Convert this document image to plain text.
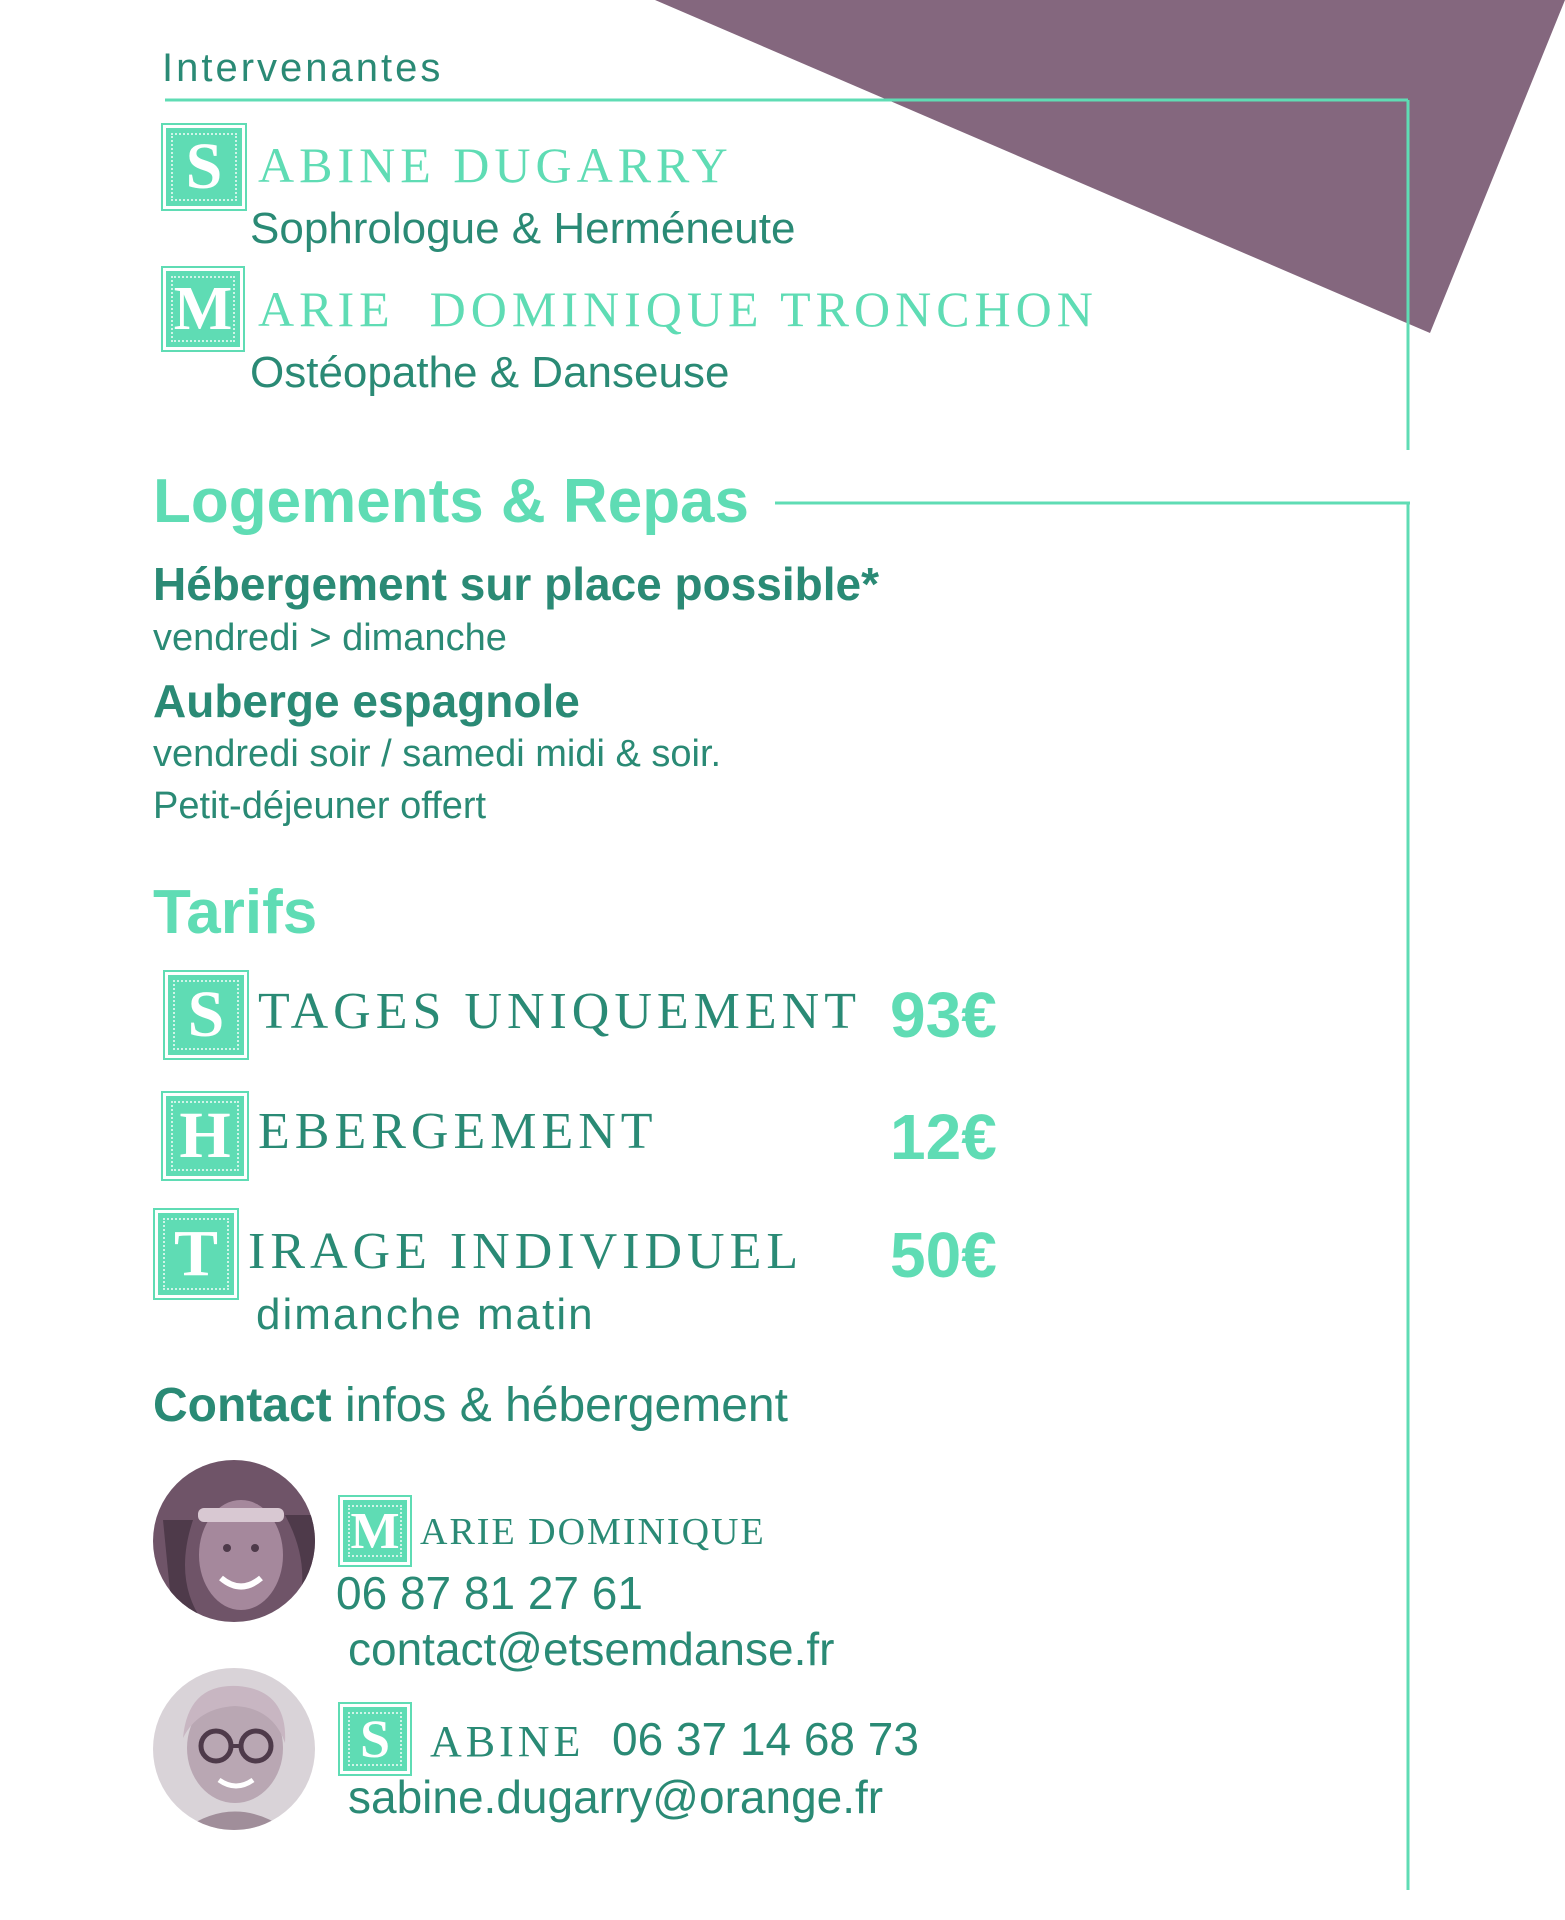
Intervenantes
S ABINE DUGARRY
Sophrologue & Herméneute
M ARIE  DOMINIQUE TRONCHON
Ostéopathe & Danseuse
Logements & Repas
Hébergement sur place possible*
vendredi > dimanche
Auberge espagnole
vendredi soir / samedi midi & soir.
Petit-déjeuner offert
Tarifs
S TAGES UNIQUEMENT 93€
H EBERGEMENT	12€
T IRAGE INDIVIDUEL 50€
dimanche matin
Contact infos & hébergement
M ARIE DOMINIQUE
06 87 81 27 61
contact@etsemdanse.fr
S ABINE 06 37 14 68 73
sabine.dugarry@orange.fr
